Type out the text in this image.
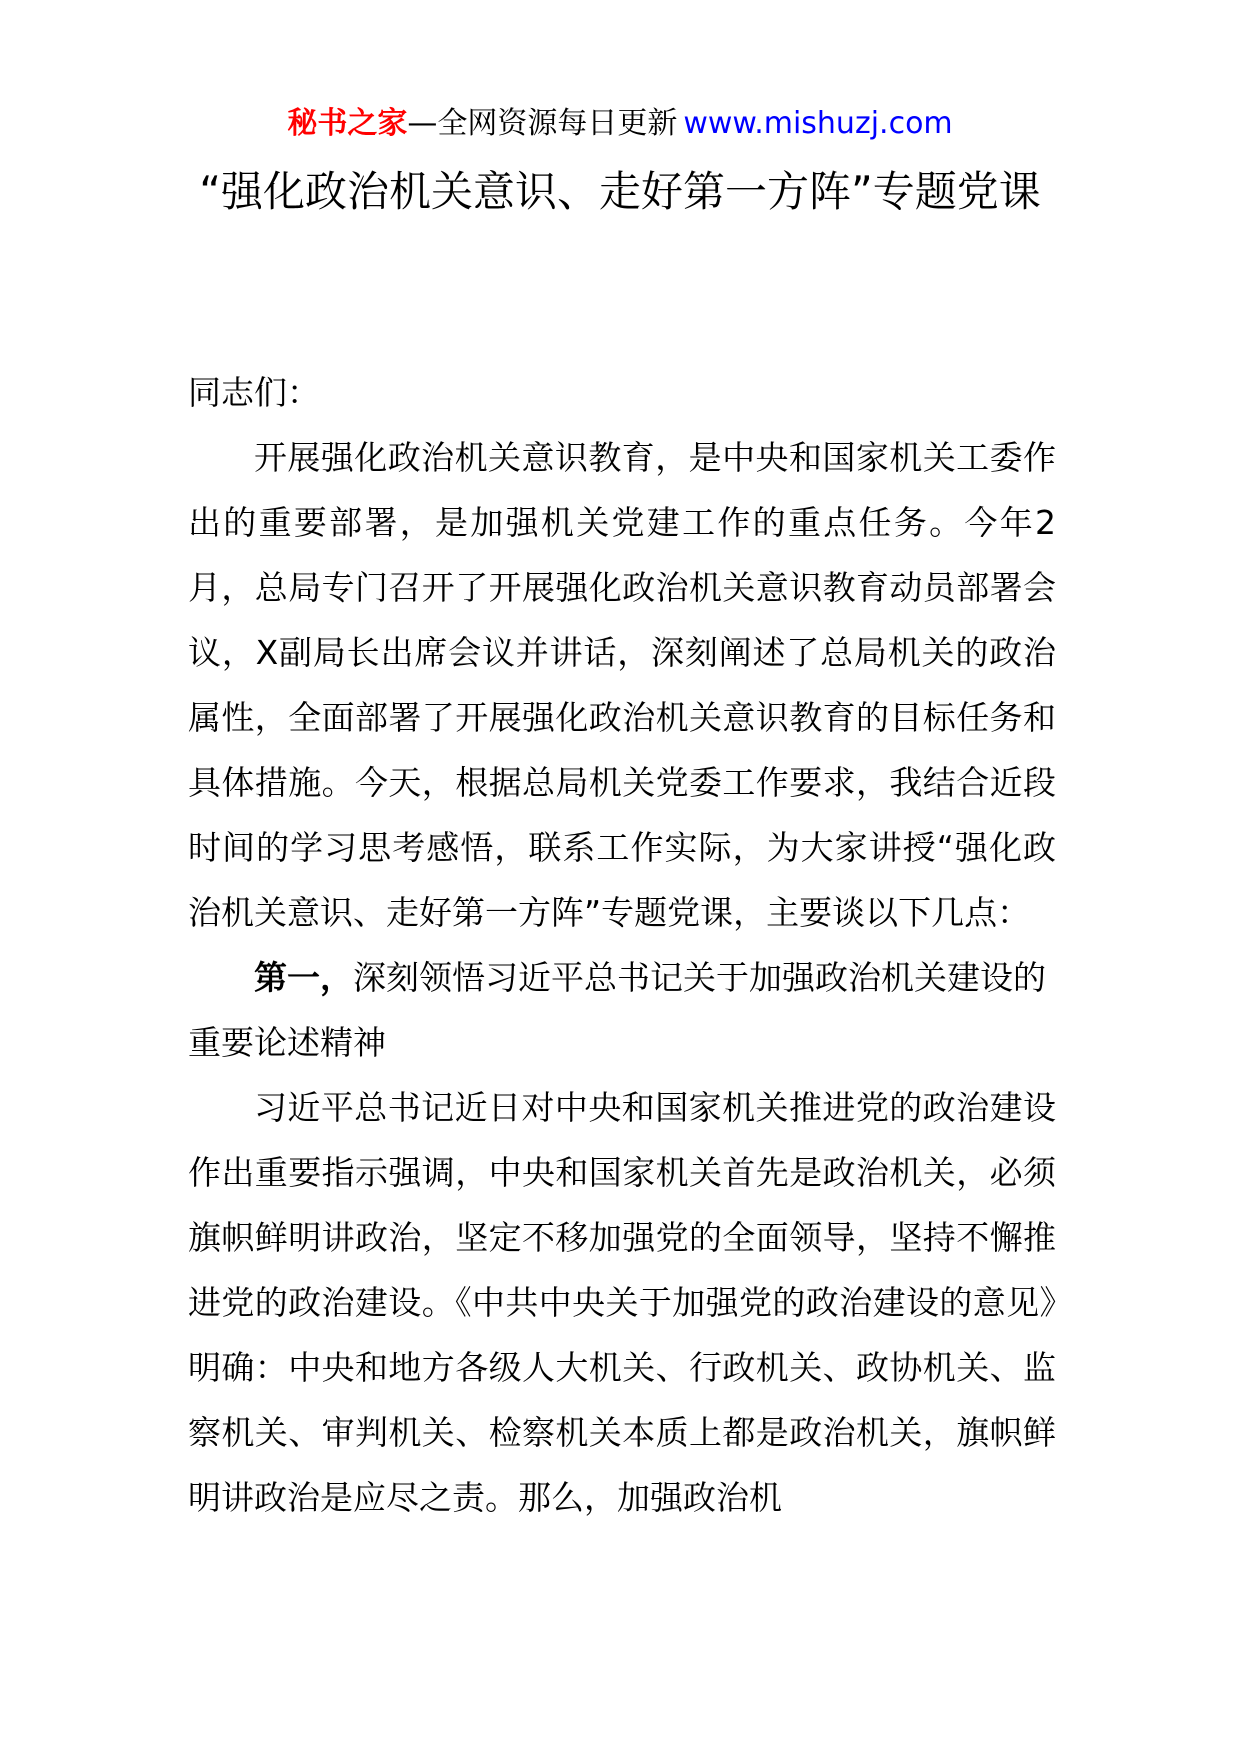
秘书之家—全网资源每日更新 www.mishuzj.com
“强化政治机关意识、走好第一方阵”专题党课

同志们：

开展强化政治机关意识教育，是中央和国家机关工委作出的重要部署，是加强机关党建工作的重点任务。今年2月，总局专门召开了开展强化政治机关意识教育动员部署会议，X副局长出席会议并讲话，深刻阐述了总局机关的政治属性，全面部署了开展强化政治机关意识教育的目标任务和具体措施。今天，根据总局机关党委工作要求，我结合近段时间的学习思考感悟，联系工作实际，为大家讲授“强化政治机关意识、走好第一方阵”专题党课，主要谈以下几点：

第一，深刻领悟习近平总书记关于加强政治机关建设的重要论述精神

习近平总书记近日对中央和国家机关推进党的政治建设作出重要指示强调，中央和国家机关首先是政治机关，必须旗帜鲜明讲政治，坚定不移加强党的全面领导，坚持不懈推进党的政治建设。《中共中央关于加强党的政治建设的意见》明确：中央和地方各级人大机关、行政机关、政协机关、监察机关、审判机关、检察机关本质上都是政治机关，旗帜鲜明讲政治是应尽之责。那么，加强政治机
